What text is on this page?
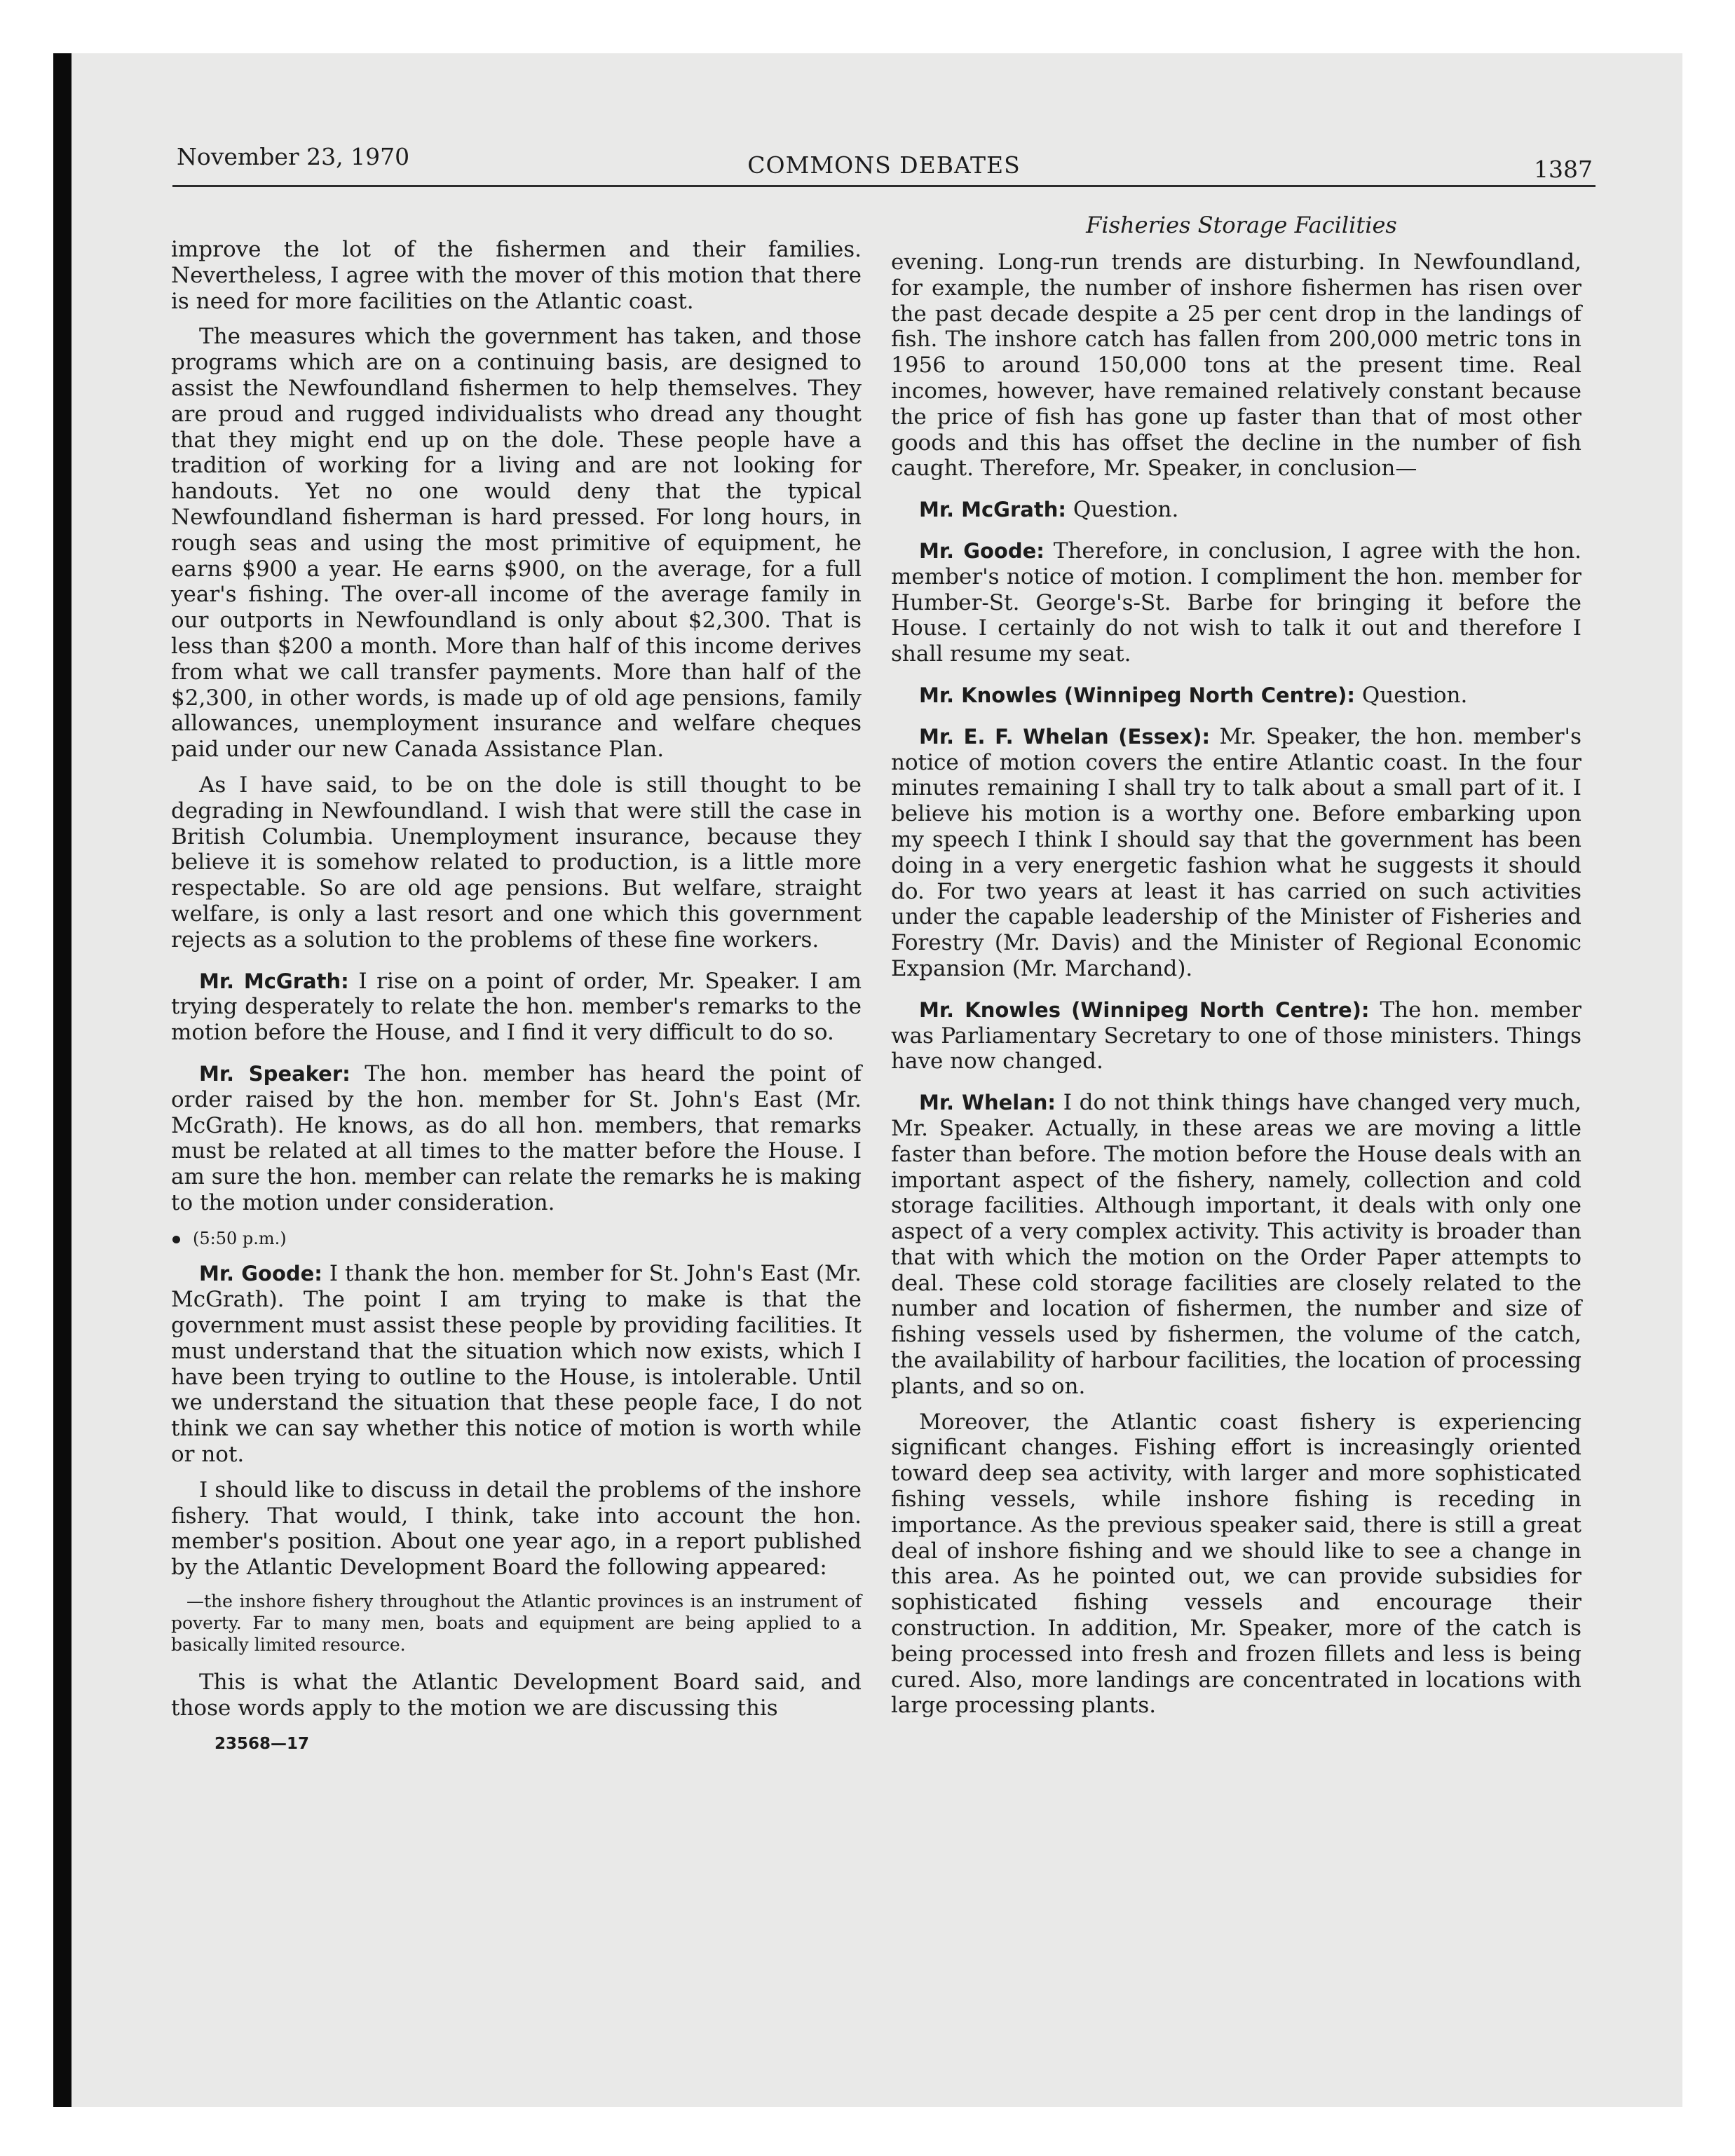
November 23, 1970	COMMONS DEBATES	1387
Fisheries Storage Facilities

improve the lot of the fishermen and their families. Nevertheless, I agree with the mover of this motion that there is need for more facilities on the Atlantic coast.

The measures which the government has taken, and those programs which are on a continuing basis, are designed to assist the Newfoundland fishermen to help themselves. They are proud and rugged individualists who dread any thought that they might end up on the dole. These people have a tradition of working for a living and are not looking for handouts. Yet no one would deny that the typical Newfoundland fisherman is hard pressed. For long hours, in rough seas and using the most primitive of equipment, he earns $900 a year. He earns $900, on the average, for a full year's fishing. The over-all income of the average family in our outports in Newfoundland is only about $2,300. That is less than $200 a month. More than half of this income derives from what we call transfer payments. More than half of the $2,300, in other words, is made up of old age pensions, family allowances, unemployment insurance and welfare cheques paid under our new Canada Assistance Plan.

As I have said, to be on the dole is still thought to be degrading in Newfoundland. I wish that were still the case in British Columbia. Unemployment insurance, because they believe it is somehow related to production, is a little more respectable. So are old age pensions. But welfare, straight welfare, is only a last resort and one which this government rejects as a solution to the problems of these fine workers.

Mr. McGrath: I rise on a point of order, Mr. Speaker. I am trying desperately to relate the hon. member's remarks to the motion before the House, and I find it very difficult to do so.

Mr. Speaker: The hon. member has heard the point of order raised by the hon. member for St. John's East (Mr. McGrath). He knows, as do all hon. members, that remarks must be related at all times to the matter before the House. I am sure the hon. member can relate the remarks he is making to the motion under consideration.

(5:50 p.m.)

Mr. Goode: I thank the hon. member for St. John's East (Mr. McGrath). The point I am trying to make is that the government must assist these people by providing facilities. It must understand that the situation which now exists, which I have been trying to outline to the House, is intolerable. Until we understand the situation that these people face, I do not think we can say whether this notice of motion is worth while or not.

I should like to discuss in detail the problems of the inshore fishery. That would, I think, take into account the hon. member's position. About one year ago, in a report published by the Atlantic Development Board the following appeared:

—the inshore fishery throughout the Atlantic provinces is an instrument of poverty. Far to many men, boats and equipment are being applied to a basically limited resource.

This is what the Atlantic Development Board said, and those words apply to the motion we are discussing this

23568—17

evening. Long-run trends are disturbing. In Newfoundland, for example, the number of inshore fishermen has risen over the past decade despite a 25 per cent drop in the landings of fish. The inshore catch has fallen from 200,000 metric tons in 1956 to around 150,000 tons at the present time. Real incomes, however, have remained relatively constant because the price of fish has gone up faster than that of most other goods and this has offset the decline in the number of fish caught. Therefore, Mr. Speaker, in conclusion—

Mr. McGrath: Question.

Mr. Goode: Therefore, in conclusion, I agree with the hon. member's notice of motion. I compliment the hon. member for Humber-St. George's-St. Barbe for bringing it before the House. I certainly do not wish to talk it out and therefore I shall resume my seat.

Mr. Knowles (Winnipeg North Centre): Question.

Mr. E. F. Whelan (Essex): Mr. Speaker, the hon. member's notice of motion covers the entire Atlantic coast. In the four minutes remaining I shall try to talk about a small part of it. I believe his motion is a worthy one. Before embarking upon my speech I think I should say that the government has been doing in a very energetic fashion what he suggests it should do. For two years at least it has carried on such activities under the capable leadership of the Minister of Fisheries and Forestry (Mr. Davis) and the Minister of Regional Economic Expansion (Mr. Marchand).

Mr. Knowles (Winnipeg North Centre): The hon. member was Parliamentary Secretary to one of those ministers. Things have now changed.

Mr. Whelan: I do not think things have changed very much, Mr. Speaker. Actually, in these areas we are moving a little faster than before. The motion before the House deals with an important aspect of the fishery, namely, collection and cold storage facilities. Although important, it deals with only one aspect of a very complex activity. This activity is broader than that with which the motion on the Order Paper attempts to deal. These cold storage facilities are closely related to the number and location of fishermen, the number and size of fishing vessels used by fishermen, the volume of the catch, the availability of harbour facilities, the location of processing plants, and so on.

Moreover, the Atlantic coast fishery is experiencing significant changes. Fishing effort is increasingly oriented toward deep sea activity, with larger and more sophisticated fishing vessels, while inshore fishing is receding in importance. As the previous speaker said, there is still a great deal of inshore fishing and we should like to see a change in this area. As he pointed out, we can provide subsidies for sophisticated fishing vessels and encourage their construction. In addition, Mr. Speaker, more of the catch is being processed into fresh and frozen fillets and less is being cured. Also, more landings are concentrated in locations with large processing plants.
